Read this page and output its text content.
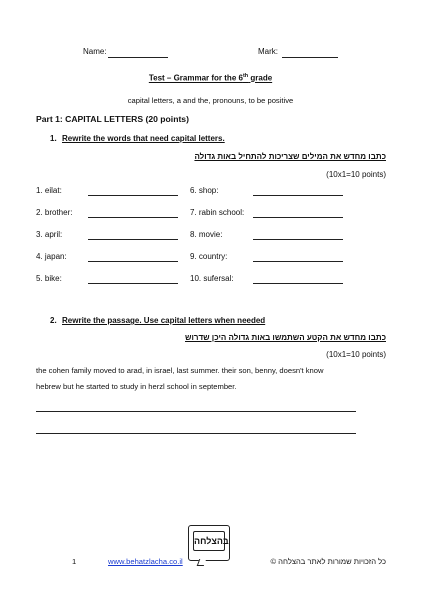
Name:	Mark:
Test – Grammar for the 6th grade
capital letters, a and the, pronouns, to be positive
Part 1: CAPITAL LETTERS (20 points)
1. Rewrite the words that need capital letters.
כתבו מחדש את המילים שצריכות להתחיל באות גדולה
(10x1=10 points)
1. eilat:
2. brother:
3. april:
4. japan:
5. bike:
6. shop:
7. rabin school:
8. movie:
9. country:
10. sufersal:
2. Rewrite the passage. Use capital letters when needed
כתבו מחדש את הקטע השתמשו באות גדולה היכן שדרוש
(10x1=10 points)
the cohen family moved to arad, in israel, last summer. their son, benny, doesn't know
hebrew but he started to study in herzl school in september.
בהצלחה
1	www.behatzlacha.co.il	כל הזכויות שמורות לאתר בהצלחה ©
